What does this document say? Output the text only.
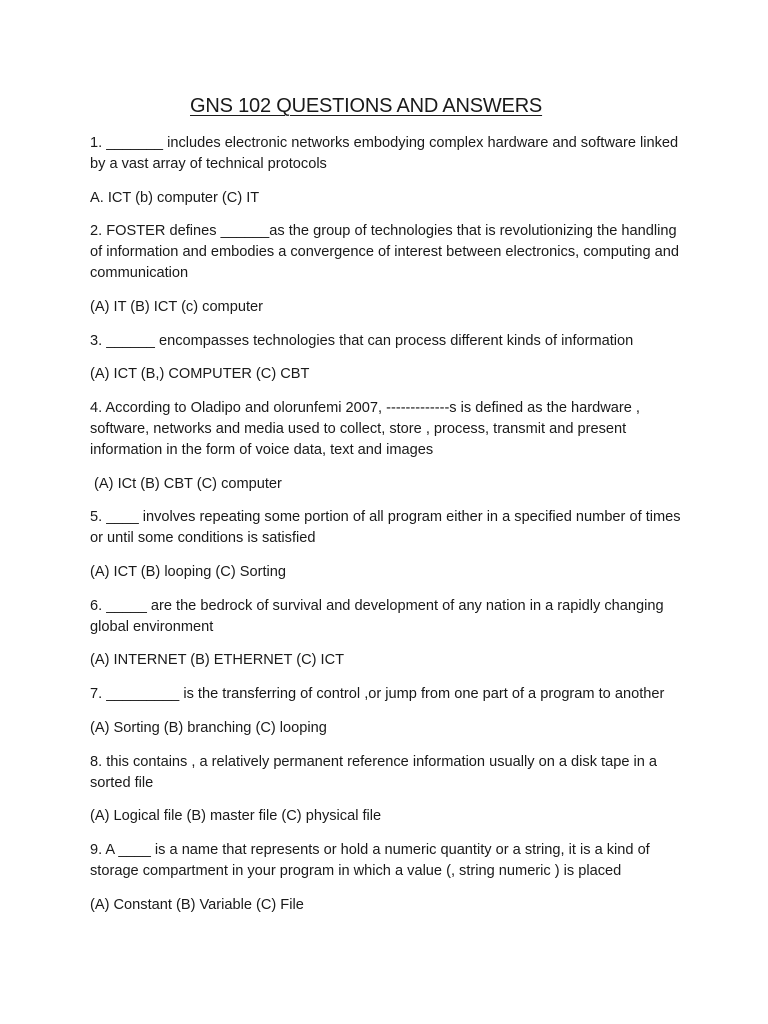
GNS 102 QUESTIONS AND ANSWERS

1. _______ includes electronic networks embodying complex hardware and software linked by a vast array of technical protocols

A. ICT (b) computer (C) IT

2. FOSTER defines ______as the group of technologies that is revolutionizing the handling of information and embodies a convergence of interest between electronics, computing and communication

(A) IT (B) ICT (c) computer

3. ______ encompasses technologies that can process different kinds of information

(A) ICT (B,) COMPUTER (C) CBT

4. According to Oladipo and olorunfemi 2007, -------------s is defined as the hardware , software, networks and media used to collect, store , process, transmit and present information in the form of voice data, text and images

(A) ICt (B) CBT (C) computer

5. ____ involves repeating some portion of all program either in a specified number of times or until some conditions is satisfied

(A) ICT (B) looping (C) Sorting

6. _____ are the bedrock of survival and development of any nation in a rapidly changing global environment

(A) INTERNET (B) ETHERNET (C) ICT

7. _________ is the transferring of control ,or jump from one part of a program to another

(A) Sorting (B) branching (C) looping

8. this contains , a relatively permanent reference information usually on a disk tape in a sorted file

(A) Logical file (B) master file (C) physical file

9. A ____ is a name that represents or hold a numeric quantity or a string, it is a kind of storage compartment in your program in which a value (, string numeric ) is placed

(A) Constant (B) Variable (C) File
